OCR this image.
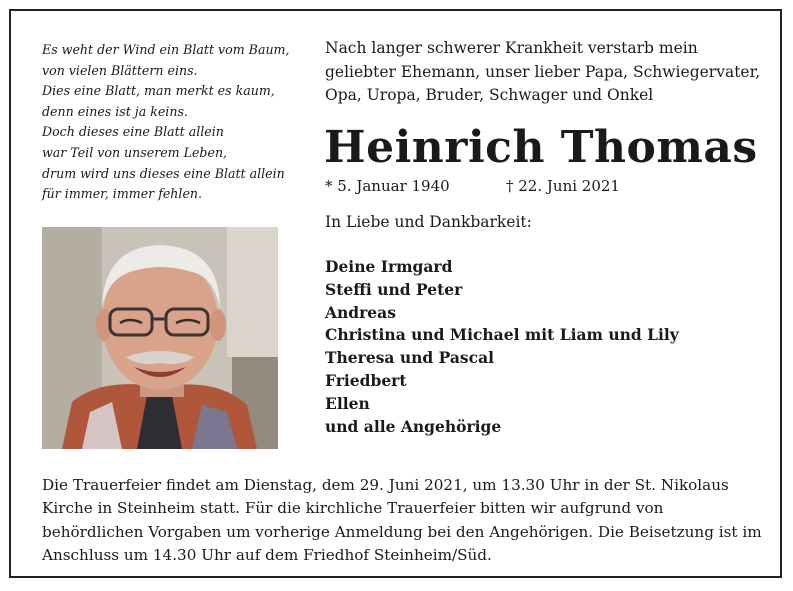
Es weht der Wind ein Blatt vom Baum,
von vielen Blättern eins.
Dies eine Blatt, man merkt es kaum,
denn eines ist ja keins.
Doch dieses eine Blatt allein
war Teil von unserem Leben,
drum wird uns dieses eine Blatt allein
für immer, immer fehlen.
Nach langer schwerer Krankheit verstarb mein geliebter Ehemann, unser lieber Papa, Schwiegervater, Opa, Uropa, Bruder, Schwager und Onkel
Heinrich Thomas
* 5. Januar 1940	† 22. Juni 2021
In Liebe und Dankbarkeit:
Deine Irmgard
Steffi und Peter
Andreas
Christina und Michael mit Liam und Lily
Theresa und Pascal
Friedbert
Ellen
und alle Angehörige
Die Trauerfeier findet am Dienstag, dem 29. Juni 2021, um 13.30 Uhr in der St. Nikolaus Kirche in Steinheim statt. Für die kirchliche Trauerfeier bitten wir aufgrund von behördlichen Vorgaben um vorherige Anmeldung bei den Angehörigen. Die Beisetzung ist im Anschluss um 14.30 Uhr auf dem Friedhof Steinheim/Süd.
